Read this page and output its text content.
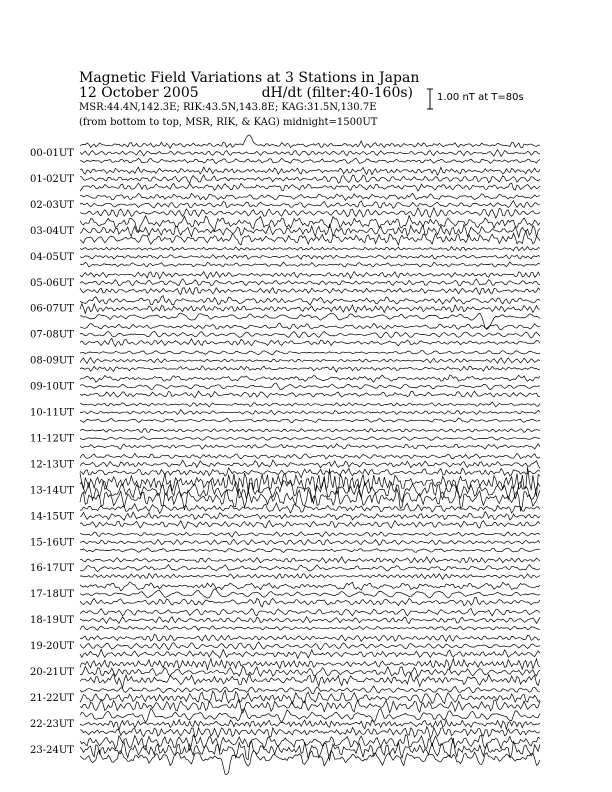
Magnetic Field Variations at 3 Stations in Japan
12 October 2005	dH/dt (filter:40-160s)
MSR:44.4N,142.3E; RIK:43.5N,143.8E; KAG:31.5N,130.7E
(from bottom to top, MSR, RIK, & KAG) midnight=1500UT
1.00 nT at T=80s
00-01UT
01-02UT
02-03UT
03-04UT
04-05UT
05-06UT
06-07UT
07-08UT
08-09UT
09-10UT
10-11UT
11-12UT
12-13UT
13-14UT
14-15UT
15-16UT
16-17UT
17-18UT
18-19UT
19-20UT
20-21UT
21-22UT
22-23UT
23-24UT
